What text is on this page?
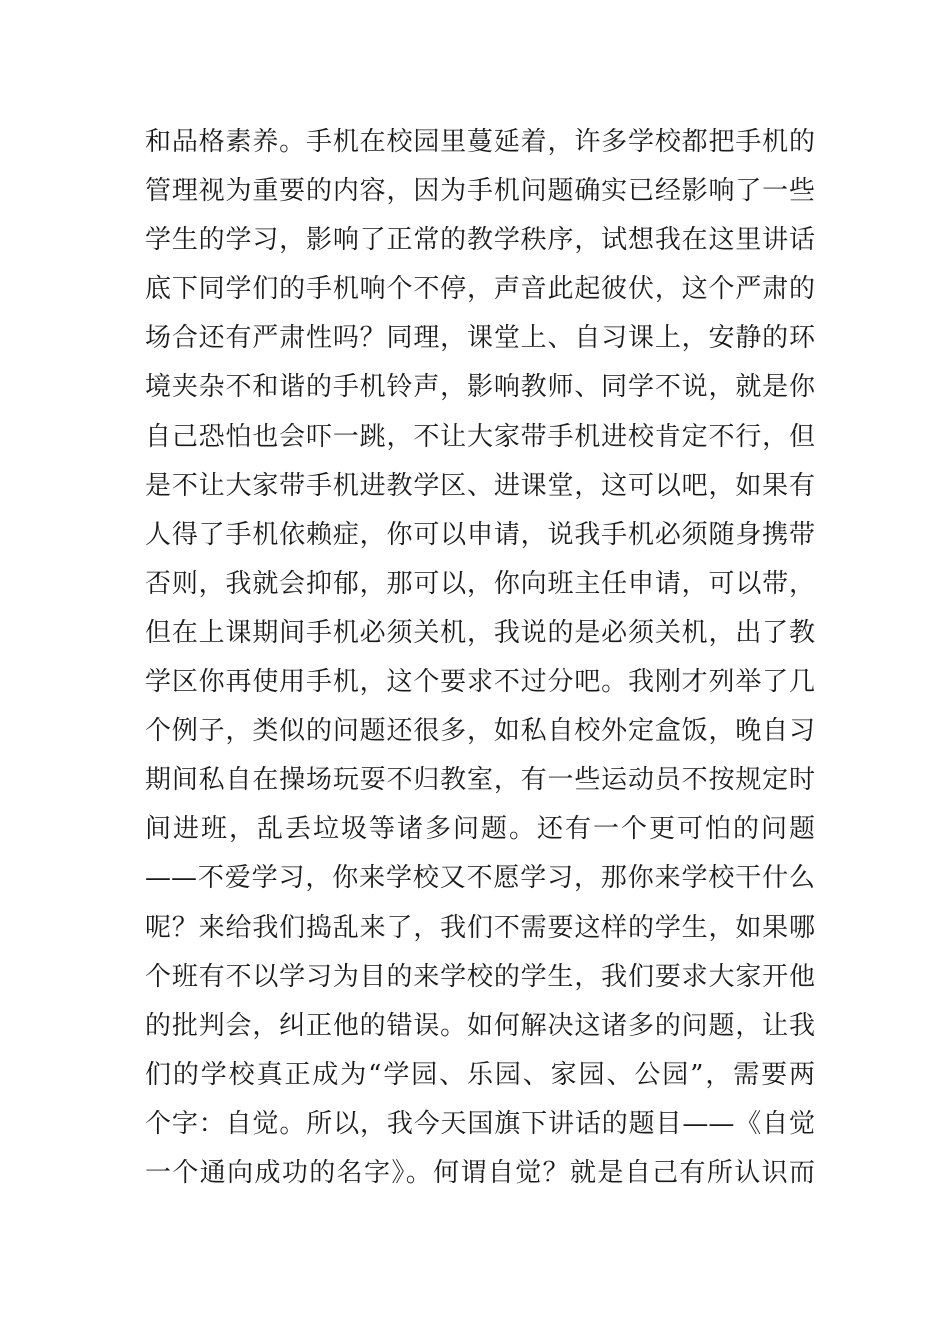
和品格素养。手机在校园里蔓延着，许多学校都把手机的
管理视为重要的内容，因为手机问题确实已经影响了一些
学生的学习，影响了正常的教学秩序，试想我在这里讲话
底下同学们的手机响个不停，声音此起彼伏，这个严肃的
场合还有严肃性吗？同理，课堂上、自习课上，安静的环
境夹杂不和谐的手机铃声，影响教师、同学不说，就是你
自己恐怕也会吓一跳，不让大家带手机进校肯定不行，但
是不让大家带手机进教学区、进课堂，这可以吧，如果有
人得了手机依赖症，你可以申请，说我手机必须随身携带
否则，我就会抑郁，那可以，你向班主任申请，可以带，
但在上课期间手机必须关机，我说的是必须关机，出了教
学区你再使用手机，这个要求不过分吧。我刚才列举了几
个例子，类似的问题还很多，如私自校外定盒饭，晚自习
期间私自在操场玩耍不归教室，有一些运动员不按规定时
间进班，乱丢垃圾等诸多问题。还有一个更可怕的问题
——不爱学习，你来学校又不愿学习，那你来学校干什么
呢？来给我们捣乱来了，我们不需要这样的学生，如果哪
个班有不以学习为目的来学校的学生，我们要求大家开他
的批判会，纠正他的错误。如何解决这诸多的问题，让我
们的学校真正成为“学园、乐园、家园、公园”，需要两
个字：自觉。所以，我今天国旗下讲话的题目——《自觉
一个通向成功的名字》。何谓自觉？就是自己有所认识而
